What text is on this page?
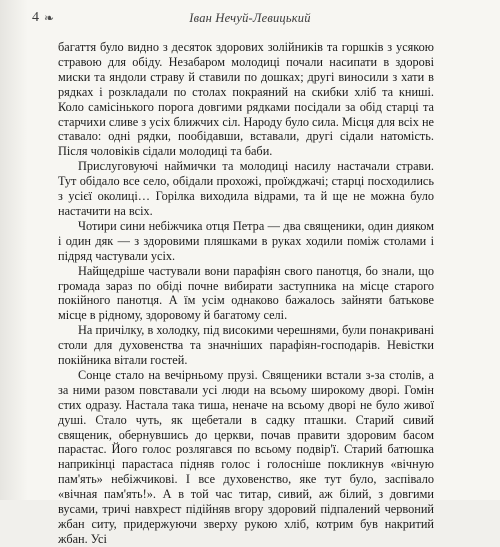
4 ❧	Іван Нечуй-Левицький

багаття було видно з десяток здорових золійників та горшків з усякою стравою для обіду. Незабаром молодиці почали насипати в здорові миски та яндоли страву й ставили по дошках; другі виносили з хати в рядках і розкладали по столах покраяний на скибки хліб та книші. Коло самісінького порога довгими рядками посідали за обід старці та старчихи сливе з усіх ближчих сіл. Народу було сила. Місця для всіх не ставало: одні рядки, пообідавши, вставали, другі сідали натомість. Після чоловіків сідали молодиці та баби.

Прислуговуючі наймички та молодиці насилу настачали страви. Тут обідало все село, обідали прохожі, проїжджачі; старці посходились з усієї околиці… Горілка виходила відрами, та й ще не можна було настачити на всіх.

Чотири сини небіжчика отця Петра — два священики, один дияком і один дяк — з здоровими пляшками в руках ходили поміж столами і підряд частували усіх.

Найщедріше частували вони парафіян свого панотця, бо знали, що громада зараз по обіді почне вибирати заступника на місце старого покійного панотця. А їм усім однаково бажалось зайняти батькове місце в рідному, здоровому й багатому селі.

На причілку, в холодку, під високими черешнями, були понакривані столи для духовенства та значніших парафіян-господарів. Невістки покійника вітали гостей.

Сонце стало на вечірньому прузі. Священики встали з-за столів, а за ними разом повставали усі люди на всьому широкому дворі. Гомін стих одразу. Настала така тиша, неначе на всьому дворі не було живої душі. Стало чуть, як щебетали в садку пташки. Старий сивий священик, обернувшись до церкви, почав правити здоровим басом парастас. Його голос розлягався по всьому подвір'ї. Старий батюшка наприкінці парастаса підняв голос і голосніше покликнув «вічную пам'ять» небіжчикові. І все духовенство, яке тут було, заспівало «вічная пам'ять!». А в той час титар, сивий, аж білий, з довгими вусами, тричі навхрест підійняв вгору здоровий підпалений червоний жбан ситу, придержуючи зверху рукою хліб, котрим був накритий жбан. Усі
